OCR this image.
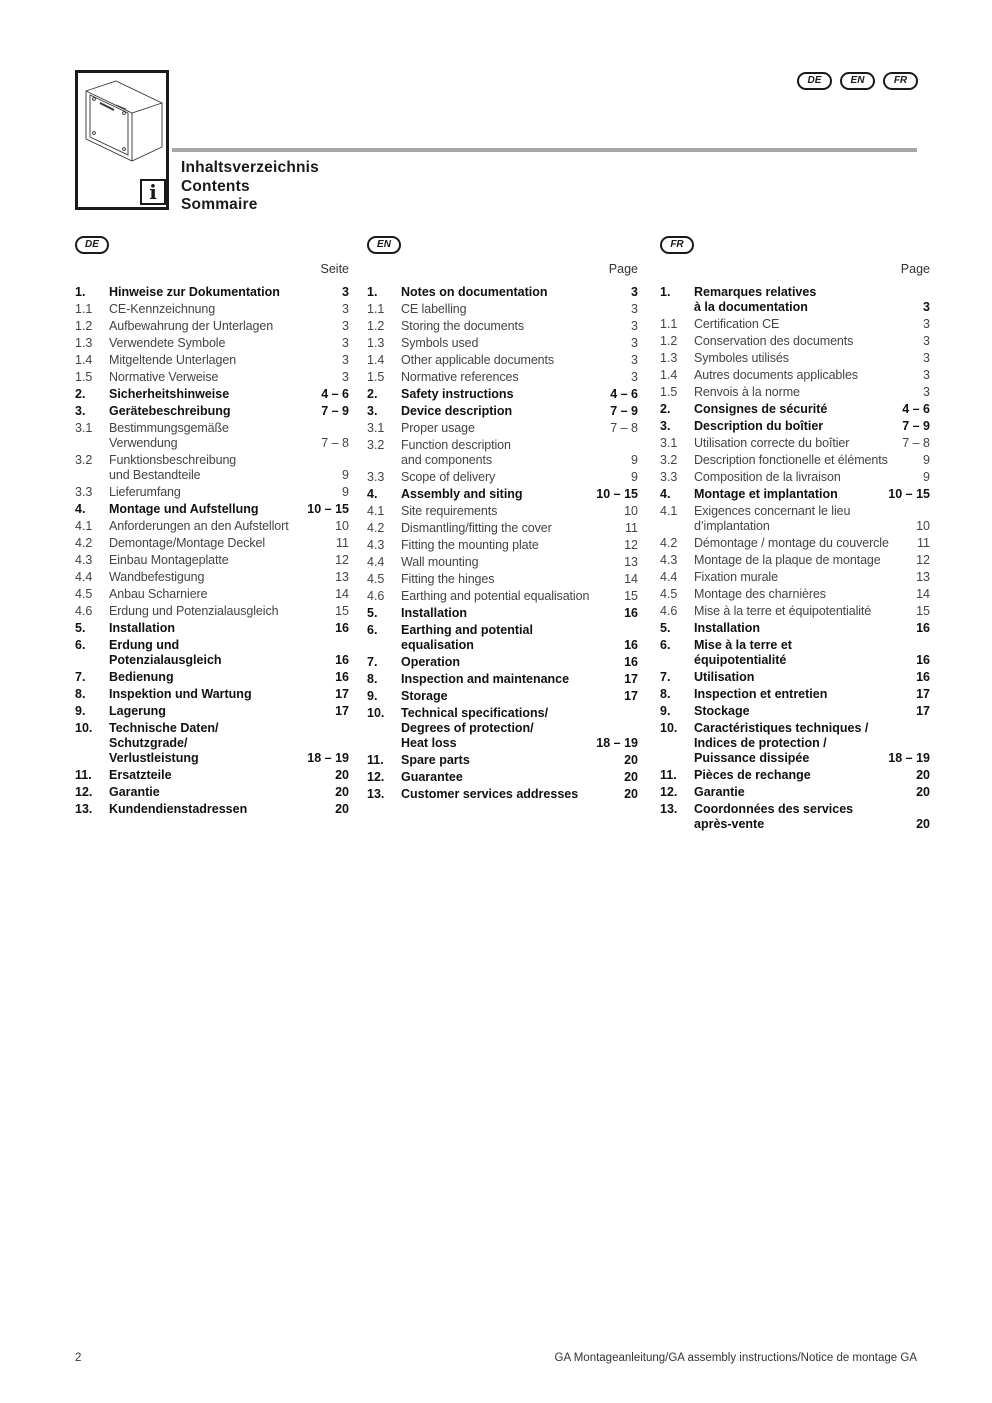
i
Inhaltsverzeichnis
Contents
Sommaire
DE	EN	FR
DE
Seite
1.	Hinweise zur Dokumentation	3
1.1	CE-Kennzeichnung	3
1.2	Aufbewahrung der Unterlagen	3
1.3	Verwendete Symbole	3
1.4	Mitgeltende Unterlagen	3
1.5	Normative Verweise	3
2.	Sicherheitshinweise	4 – 6
3.	Gerätebeschreibung	7 – 9
3.1	Bestimmungsgemäße
Verwendung	7 – 8
3.2	Funktionsbeschreibung
und Bestandteile	9
3.3	Lieferumfang	9
4.	Montage und Aufstellung	10 – 15
4.1	Anforderungen an den Aufstellort	10
4.2	Demontage/Montage Deckel	11
4.3	Einbau Montageplatte	12
4.4	Wandbefestigung	13
4.5	Anbau Scharniere	14
4.6	Erdung und Potenzialausgleich	15
5.	Installation	16
6.	Erdung und
Potenzialausgleich	16
7.	Bedienung	16
8.	Inspektion und Wartung	17
9.	Lagerung	17
10.	Technische Daten/
Schutzgrade/
Verlustleistung	18 – 19
11.	Ersatzteile	20
12.	Garantie	20
13.	Kundendienstadressen	20
EN
Page
1.	Notes on documentation	3
1.1	CE labelling	3
1.2	Storing the documents	3
1.3	Symbols used	3
1.4	Other applicable documents	3
1.5	Normative references	3
2.	Safety instructions	4 – 6
3.	Device description	7 – 9
3.1	Proper usage	7 – 8
3.2	Function description
and components	9
3.3	Scope of delivery	9
4.	Assembly and siting	10 – 15
4.1	Site requirements	10
4.2	Dismantling/fitting the cover	11
4.3	Fitting the mounting plate	12
4.4	Wall mounting	13
4.5	Fitting the hinges	14
4.6	Earthing and potential equalisation	15
5.	Installation	16
6.	Earthing and potential
equalisation	16
7.	Operation	16
8.	Inspection and maintenance	17
9.	Storage	17
10.	Technical specifications/
Degrees of protection/
Heat loss	18 – 19
11.	Spare parts	20
12.	Guarantee	20
13.	Customer services addresses	20
FR
Page
1.	Remarques relatives
à la documentation	3
1.1	Certification CE	3
1.2	Conservation des documents	3
1.3	Symboles utilisés	3
1.4	Autres documents applicables	3
1.5	Renvois à la norme	3
2.	Consignes de sécurité	4 – 6
3.	Description du boîtier	7 – 9
3.1	Utilisation correcte du boîtier	7 – 8
3.2	Description fonctionelle et éléments	9
3.3	Composition de la livraison	9
4.	Montage et implantation	10 – 15
4.1	Exigences concernant le lieu
d’implantation	10
4.2	Démontage / montage du couvercle	11
4.3	Montage de la plaque de montage	12
4.4	Fixation murale	13
4.5	Montage des charnières	14
4.6	Mise à la terre et équipotentialité	15
5.	Installation	16
6.	Mise à la terre et
équipotentialité	16
7.	Utilisation	16
8.	Inspection et entretien	17
9.	Stockage	17
10.	Caractéristiques techniques /
Indices de protection /
Puissance dissipée	18 – 19
11.	Pièces de rechange	20
12.	Garantie	20
13.	Coordonnées des services
après-vente	20
2	GA Montageanleitung/GA assembly instructions/Notice de montage GA
